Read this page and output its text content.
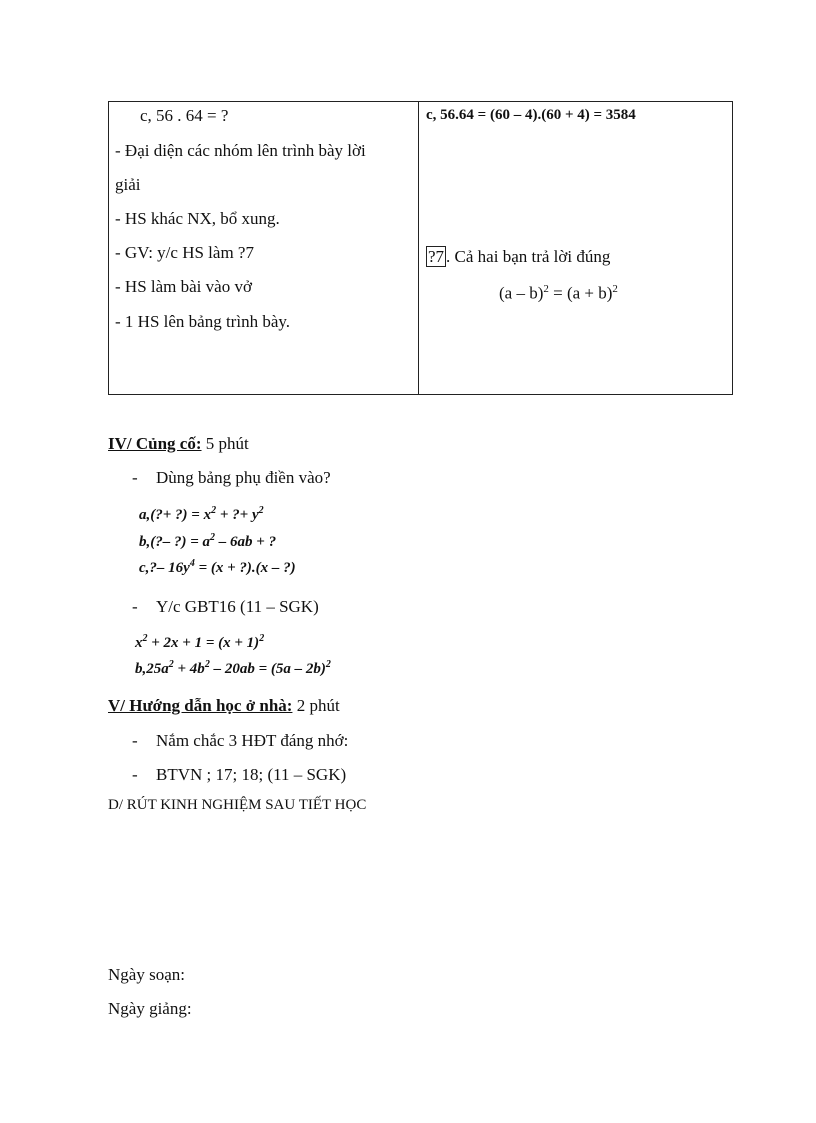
c, 56 . 64 = ?
- Đại diện các nhóm lên trình bày lời
giải
- HS khác NX, bổ xung.
- GV: y/c HS làm ?7
- HS làm bài vào vở
- 1 HS lên bảng trình bày.
c, 56.64 = (60 – 4).(60 + 4) = 3584
?7 . Cả hai bạn trả lời đúng
$(a - b)^2 = (a + b)^2$
IV/ Củng cố: 5 phút
- Dùng bảng phụ điền vào?
a,(?+ ?) = $x^2$ + ?+ $y^2$
b,(?– ?) = $a^2 - 6ab$ + ?
c,?– $16y^4 = (x$ + ?).(x – ?)
- Y/c GBT16 (11 – SGK)
$x^2 + 2x + 1 = (x + 1)^2$
$b,25a^2 + 4b^2 - 20ab = (5a - 2b)^2$
V/ Hướng dẫn học ở nhà: 2 phút
- Nắm chắc 3 HĐT đáng nhớ:
- BTVN ; 17; 18; (11 – SGK)
D/ RÚT KINH NGHIỆM SAU TIẾT HỌC
Ngày soạn:
Ngày giảng:
